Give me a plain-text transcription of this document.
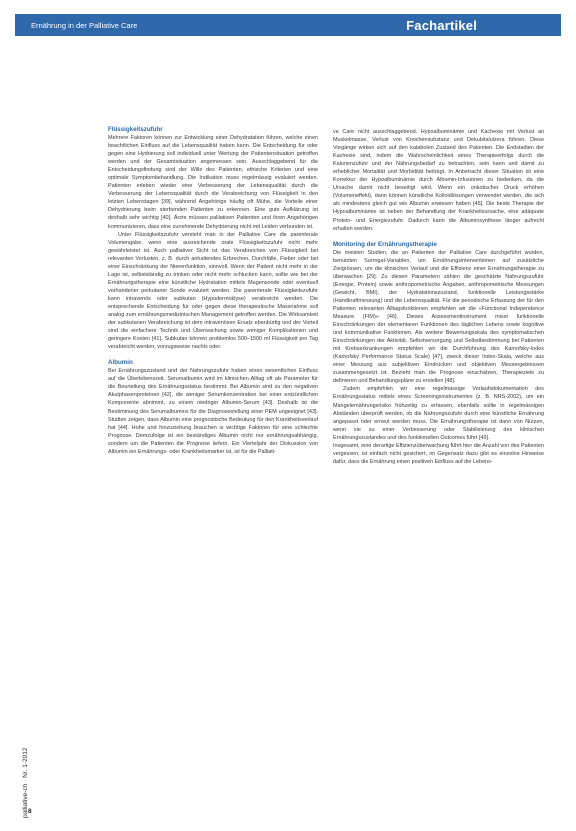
Ernährung in der Palliative Care	Fachartikel
Flüssigkeitszufuhr

Mehrere Faktoren können zur Entwicklung einer Dehydratation führen, welche einen beachtlichen Einfluss auf die Lebensqualität haben kann. Die Entscheidung für oder gegen eine Hydrierung soll individuell unter Wertung der Patientensituation getroffen werden und der Gesamtsituation angemessen sein. Ausschlaggebend für die Entscheidungsfindung sind der Wille des Patienten, ethische Kriterien und eine optimale Symptombehandlung. Die Indikation muss regelmässig evaluiert werden. Patienten erleben wieder eine Verbesserung der Lebensqualität durch die Verbesserung der Lebensqualität durch die Verabreichung von Flüssigkeit in den letzten Lebenstagen [39], während Angehörige häufig oft Mühe, die Vorteile einer Dehydrierung beim sterbenden Patienten zu erkennen. Eine gute Aufklärung ist deshalb sehr wichtig [40]. Ärzte müssen palliativen Patienten und ihren Angehörigen kommunizieren, dass eine zunehmende Dehydrierung nicht mit Leiden verbunden ist.

Unter Flüssigkeitszufuhr versteht man in der Palliative Care die parenterale Volumengabe, wenn eine ausreichende orale Flüssigkeitszufuhr nicht mehr gewährleistet ist. Auch palliativer Sicht ist das Verabreichen von Flüssigkeit bei relevanten Verlusten, z. B. durch anhaltendes Erbrechen, Durchfälle, Fieber oder bei einer Einschränkung der Nierenfunktion, sinnvoll. Wenn der Patient nicht mehr in der Lage ist, selbstständig zu trinken oder nicht mehr schlucken kann, sollte wie bei der Ernährungstherapie eine künstliche Hydratation mittels Magensonde oder eventuell vorhandener perkutaner Sonde evaluiert werden. Die parenterale Flüssigkeitszufuhr kann intravenös oder subkutan (Hypodermoklyse) verabreicht werden. Die entsprechende Entscheidung für oder gegen diese therapeutische Massnahme soll analog zum ernährungsmedizinischen Management getroffen werden. Die Wirksamkeit der subkutanen Verabreichung ist dem intravenösen Ersatz ebenbürtig und der Vorteil sind die einfachere Technik und Überwachung sowie weniger Komplikationen und geringere Kosten [41]. Subkutan können problemlos 500–1500 ml Flüssigkeit pro Tag verabreicht werden, vorzugsweise nachts oder.

Albumin

Bei Ernährungszustand und der Nahrungszufuhr haben einen wesentlichen Einfluss auf die Überlebenszeit. Serumalbumin wird im klinischen Alltag oft als Parameter für die Beurteilung des Ernährungsstatus bestimmt. Bei Albumin sind zu den negativen Akutphasenproteinen [42], die weniger Serumkonzentration bei einer entzündlichen Komponente abnimmt, zu einem niedriger Albumin-Serum [43]. Deshalb ist die Bestimmung des Serumalbumins für die Diagnosestellung einer PEM ungeeignet [43]. Studien zeigen, dass Albumin eine prognostische Bedeutung für den Krankheitsverlauf hat [44]. Hohe und hinzuziehung brauchen is wichtige Faktoren für eine schlechte Prognose. Demzufolge ist ein beständiges Albumin nicht nur ernährungsabhängig, sondern um die Patienten die Prognose liefern. Ein Vierteljahr der Diskussion von Albumin ein Ernährungs- oder Krankheitsmarker ist, ist für die Palliati-

ve Care nicht ausschlaggebend. Hypoalbuminämie und Kachexie mit Verlust an Muskelmasse, Verlust von Knochensubstanz und Dekubitalulzera führen. Diese Vorgänge wirken sich auf den katabolen Zustand des Patienten. Die Endstadien der Kachexie sind, indem die Wahrscheinlichkeit eines Therapieerfolgs durch die Kalorienzufuhr und der Nährungsbedarf zu betrachten, sein kann und damit zu erheblicher Mortalität und Morbidität beiträgt. In Anbetracht dieser Situation ist eine Korrektur der Hypoalbuminämie durch Albumin-Infusionen zu bedenken, da die Ursache damit nicht beseitigt wird. Wenn ein onkotischer Druck erhöhen (Volumeneffekt), dann können künstliche Kolloidlösungen verwendet werden, die sich als mindestens gleich gut wie Albumin erwiesen haben [45]. Die beste Therapie der Hypoalbuminämie ist neben der Behandlung der Krankheitsursache, eine adäquate Protein- und Energiezufuhr. Dadurch kann die Albuminsynthese länger aufrecht erhalten werden.

Monitoring der Ernährungstherapie

Die meisten Studien, die an Patienten der Palliative Care durchgeführt wurden, benutzten Surrogat-Variablen, um Ernährungsinterventionen auf zusätzliche Zielgrössen, um die klinischen Verlauf und die Effizienz einer Ernährungstherapie zu überwachen [29]. Zu diesen Parametern zählen die geschätzte Nahrungszufuhr (Energie, Protein) sowie anthropometrische Angaben, anthropometrische Messungen (Gewicht, BMI), der Hydratationszustand, funktionelle Leistungsstärke (Handkraftmessung) und die Lebensqualität. Für die periodische Erfassung der für den Patienten relevanten Alltagsfunktionen empfehlen wir die «Functional Independence Measure (FIM)» [46]. Dieses Assessmentinstrument misst funktionelle Einschränkungen der elementaren Funktionen des täglichen Lebens sowie kognitive und kommunikative Funktionen. Als weitere Bewertungsskala des symptomatischen Einschränkungen der Aktivität, Selbstversorgung und Selbstbestimmung bei Patienten mit Krebserkrankungen empfehlen wir die Durchführung des Karnofsky-Index (Karnofsky Performance Status Scale) [47], zweck dieser Index-Skala, welche aus einer Messung aus subjektiven Eindrücken und objektiven Messergebnissen zusammengesetzt ist. Bezieht man die Prognose einschätzen, Therapieziele zu definieren und Behandlungspläne zu erstellen [48].

Zudem empfehlen wir eine regelmässige Verlaufsdokumentation des Ernährungsstatus mittels eines Screeningsinstrumentes (z. B. NRS-2002), um ein Mangelernährungsrisiko frühzeitig zu erfassen, ebenfalls sollte in regelmässigen Abständen überprüft werden, ob die Nahrungszufuhr durch eine künstliche Ernährung angepasst oder erneut werden muss. Die Ernährungstherapie ist dann von Nutzen, wenn sie zu einer Verbesserung oder Stabilisierung des klinischen Ernährungszustandes und des funktionellen Outcomes führt [49].

Insgesamt, eine derartige Effizienzüberwachung führt hier die Anzahl von des Patienten vergessen, ist einfach nicht gesichert, im Gegensatz dazu gibt es einzelne Hinweise dafür, dass die Ernährung einen positiven Einfluss auf die Lebens-

palliative-ch · Nr. 1-2012 8
